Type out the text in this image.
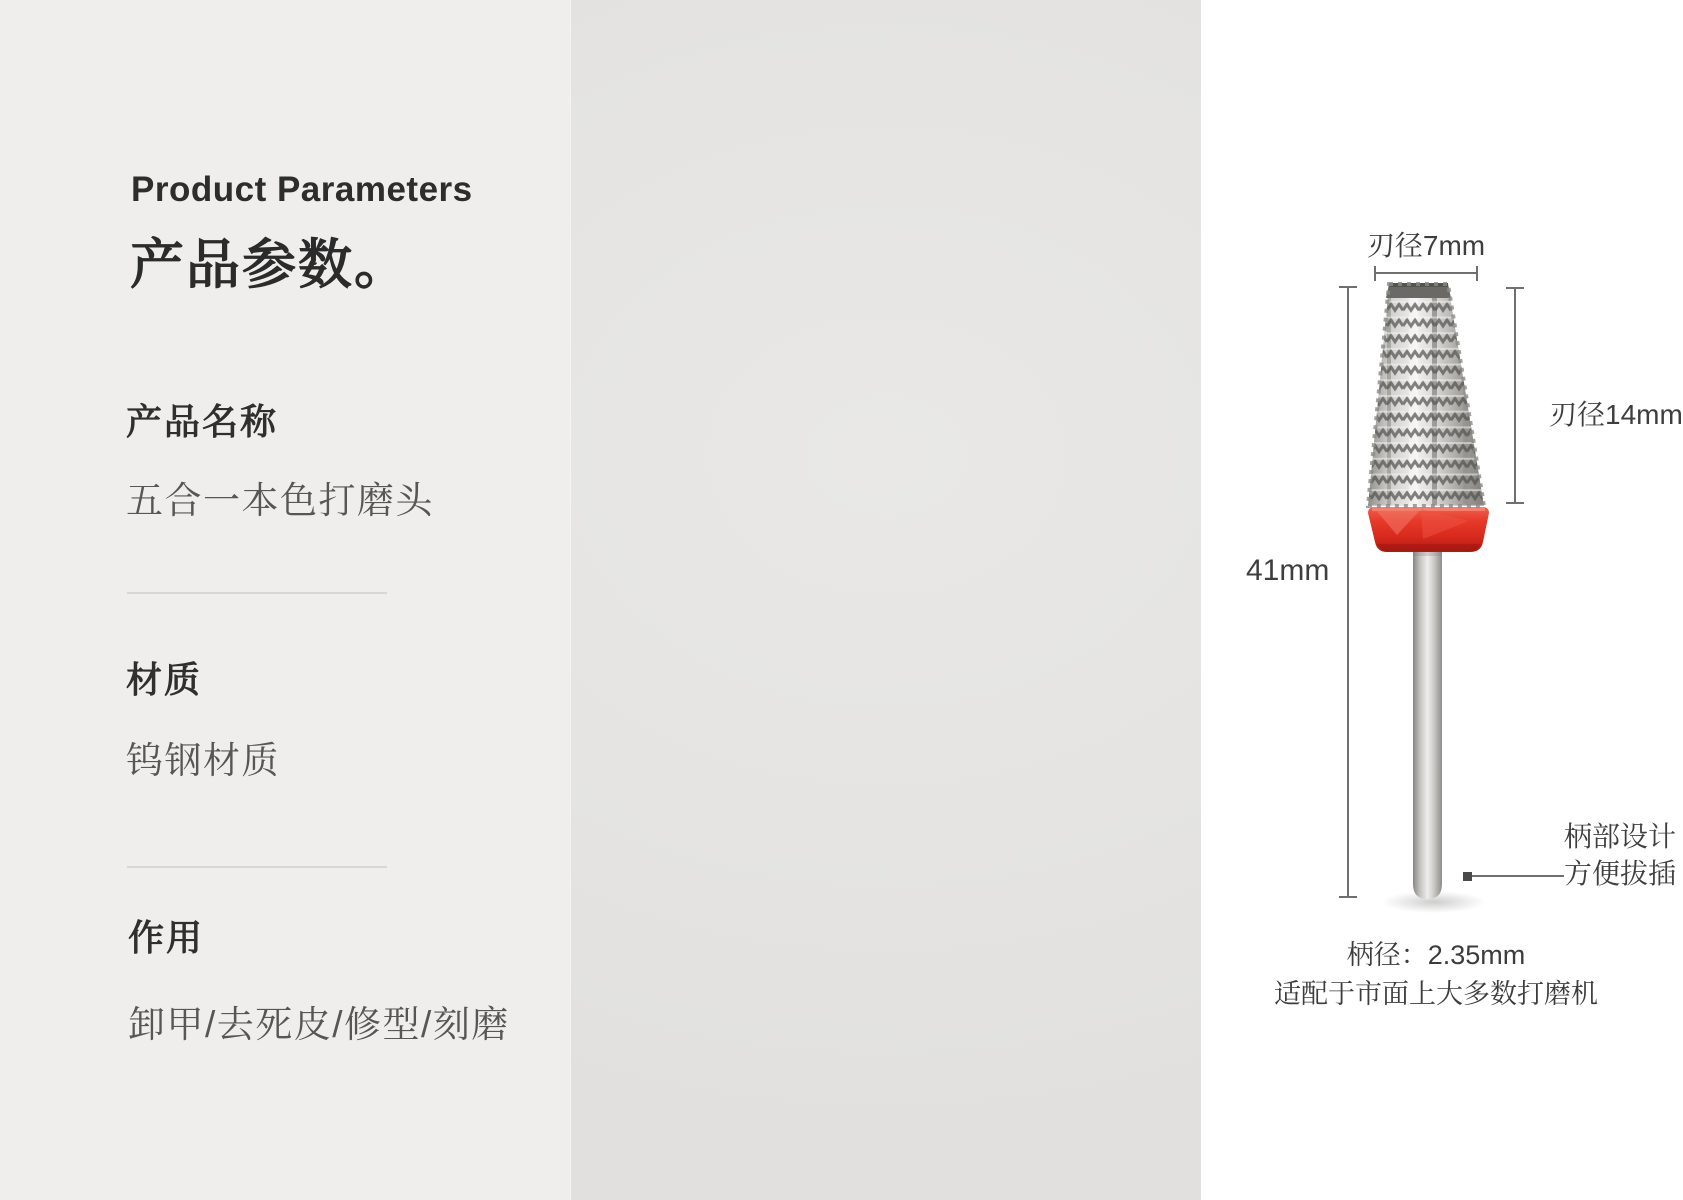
Product Parameters
产品参数。
产品名称
五合一本色打磨头
材质
钨钢材质
作用
卸甲/去死皮/修型/刻磨
刃径7mm
刃径14mm
41mm
柄部设计
方便拔插
柄径：2.35mm
适配于市面上大多数打磨机
